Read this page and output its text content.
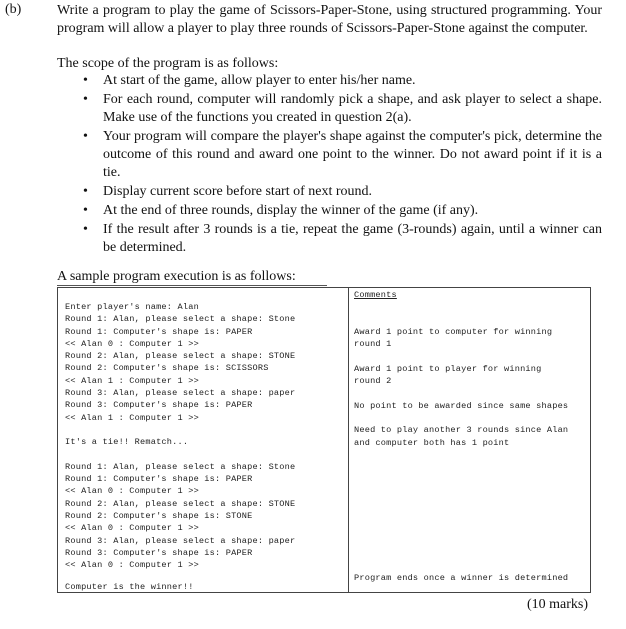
(b)	Write a program to play the game of Scissors-Paper-Stone, using structured programming. Your program will allow a player to play three rounds of Scissors-Paper-Stone against the computer.
The scope of the program is as follows:
• At start of the game, allow player to enter his/her name.
• For each round, computer will randomly pick a shape, and ask player to select a shape. Make use of the functions you created in question 2(a).
• Your program will compare the player's shape against the computer's pick, determine the outcome of this round and award one point to the winner. Do not award point if it is a tie.
• Display current score before start of next round.
• At the end of three rounds, display the winner of the game (if any).
• If the result after 3 rounds is a tie, repeat the game (3-rounds) again, until a winner can be determined.
A sample program execution is as follows:
Enter player's name: Alan
Round 1: Alan, please select a shape: Stone
Round 1: Computer's shape is: PAPER
<< Alan 0 : Computer 1 >>
Round 2: Alan, please select a shape: STONE
Round 2: Computer's shape is: SCISSORS
<< Alan 1 : Computer 1 >>
Round 3: Alan, please select a shape: paper
Round 3: Computer's shape is: PAPER
<< Alan 1 : Computer 1 >>
It's a tie!! Rematch...
Round 1: Alan, please select a shape: Stone
Round 1: Computer's shape is: PAPER
<< Alan 0 : Computer 1 >>
Round 2: Alan, please select a shape: STONE
Round 2: Computer's shape is: STONE
<< Alan 0 : Computer 1 >>
Round 3: Alan, please select a shape: paper
Round 3: Computer's shape is: PAPER
<< Alan 0 : Computer 1 >>
Computer is the winner!!
Comments
Award 1 point to computer for winning
round 1
Award 1 point to player for winning
round 2
No point to be awarded since same shapes
Need to play another 3 rounds since Alan
and computer both has 1 point
Program ends once a winner is determined
(10 marks)
